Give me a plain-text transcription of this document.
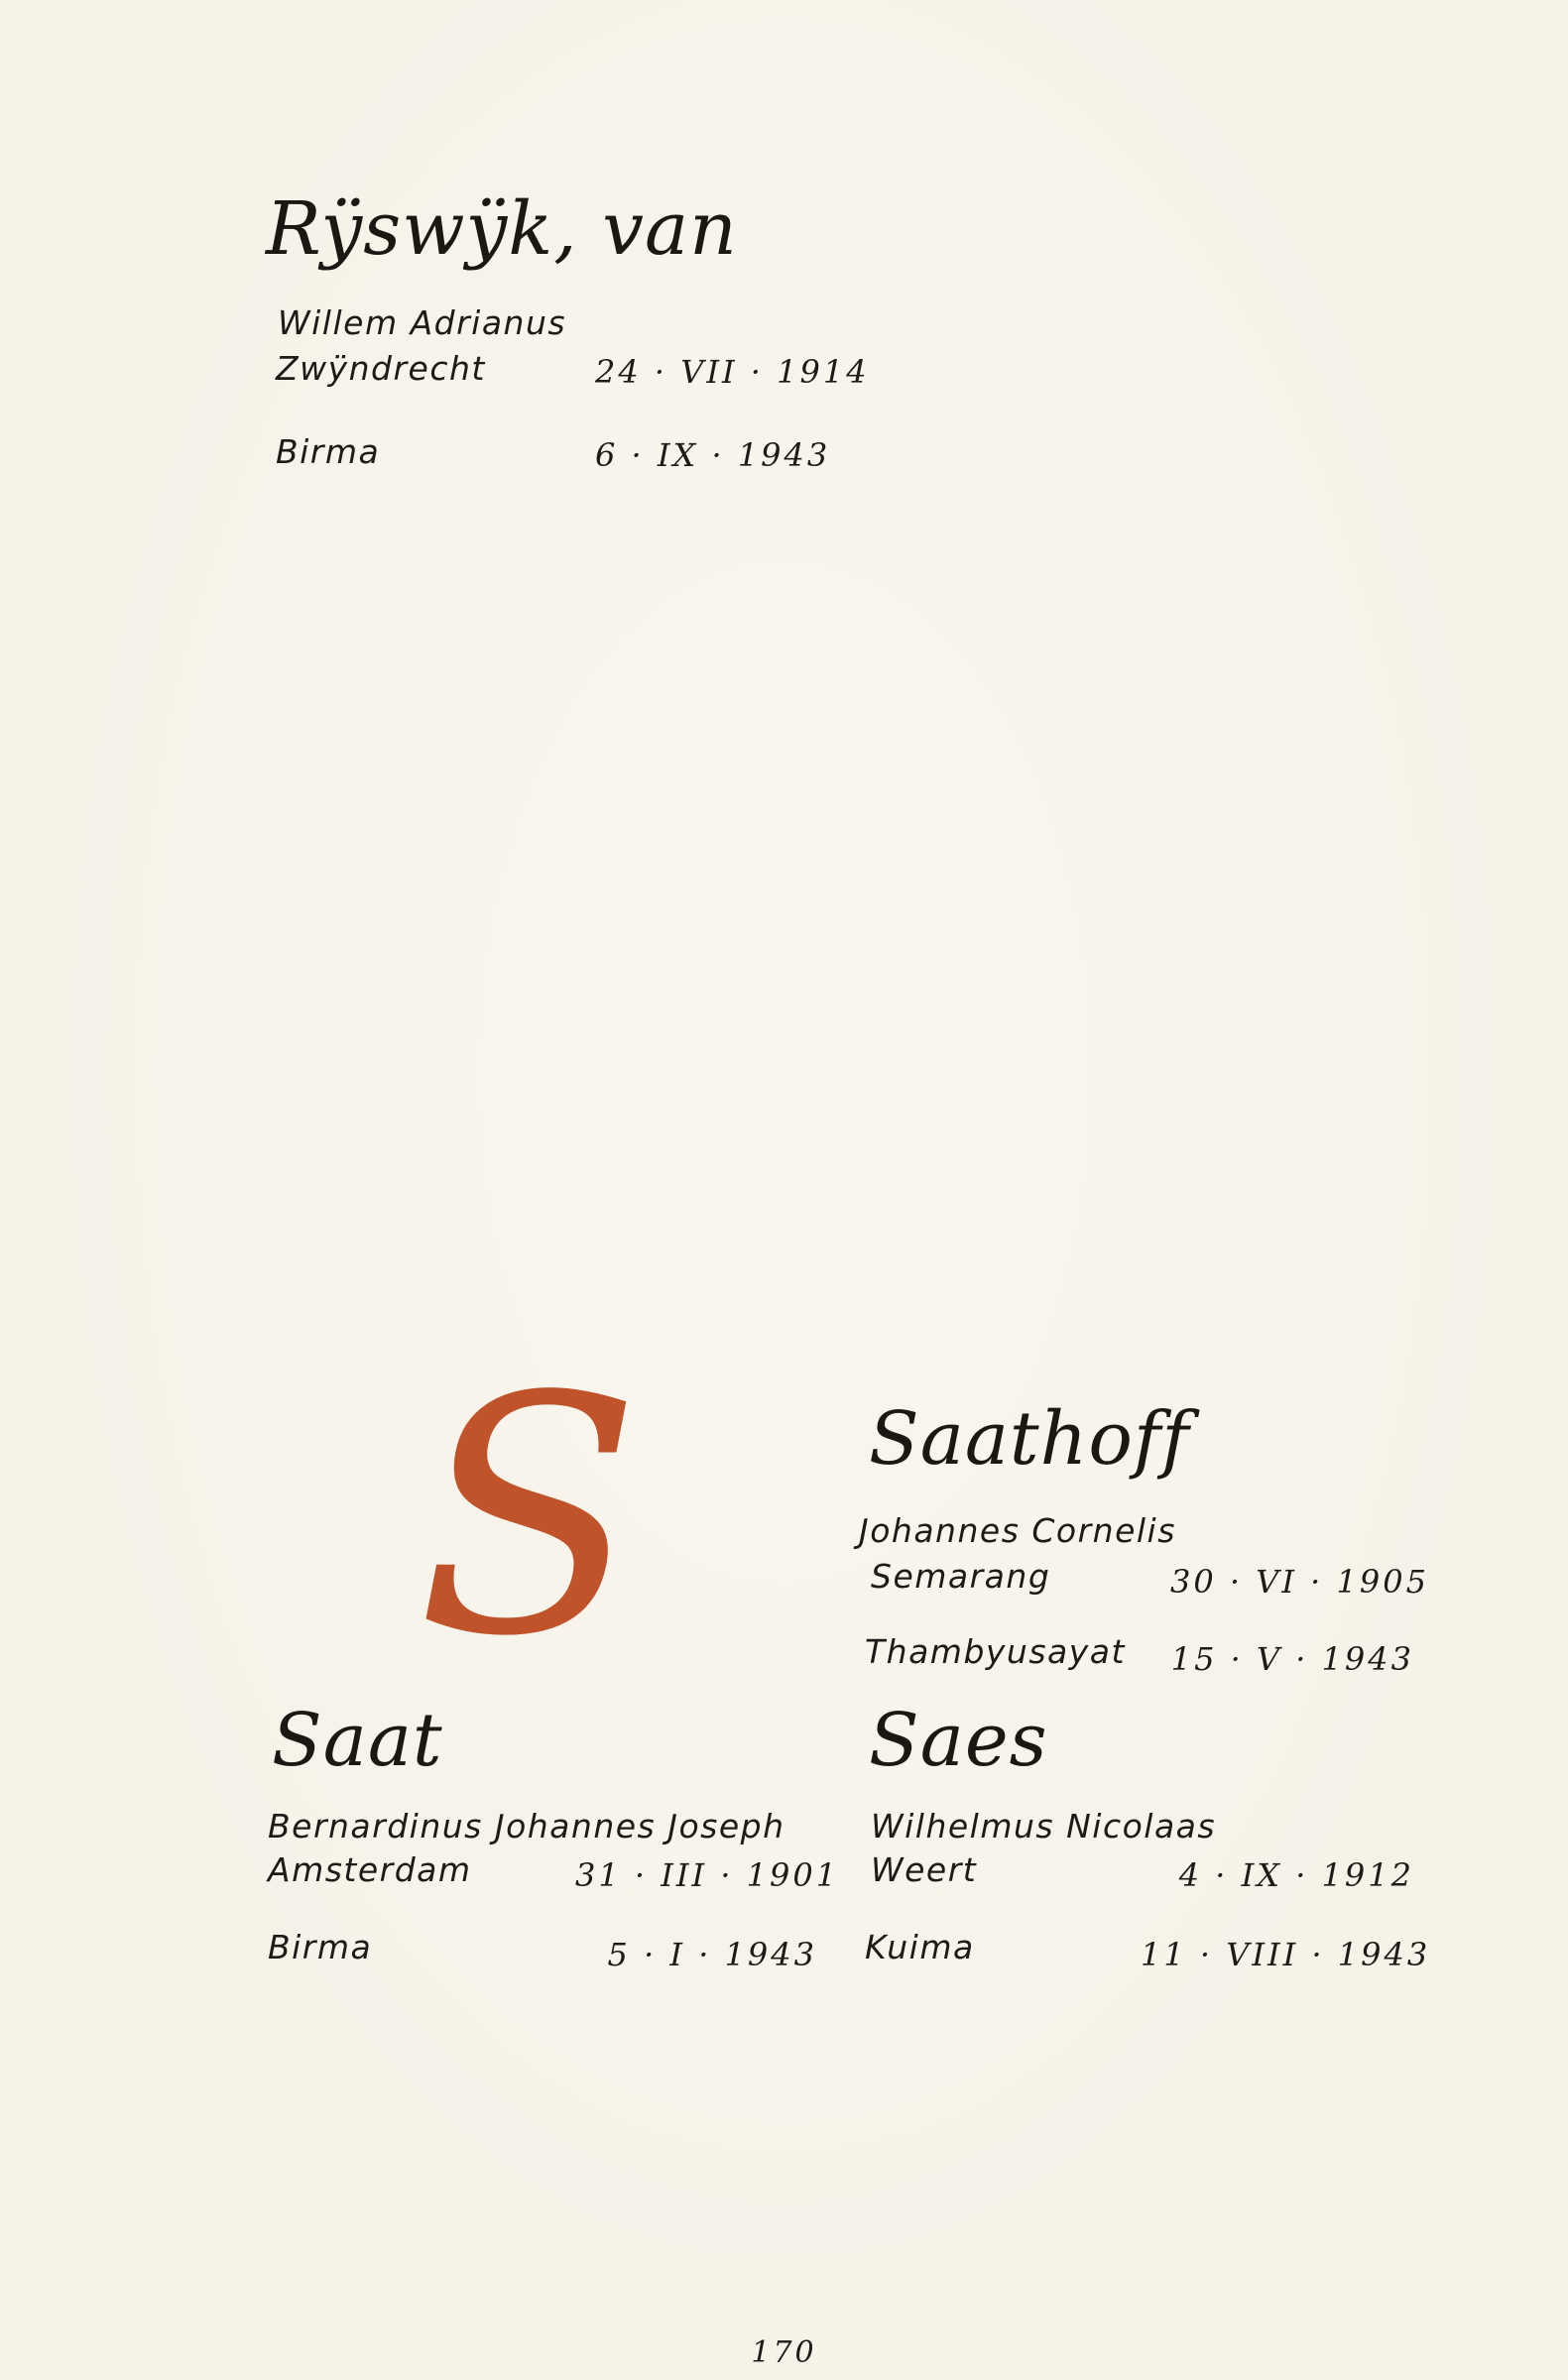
Rÿswÿk, van
Willem Adrianus
Zwÿndrecht	24 · VII · 1914
Birma	6 · IX · 1943
S	Saathoff
Johannes Cornelis
Semarang	30 · VI · 1905
Thambyusayat 15 · V · 1943
Saat
Bernardinus Johannes Joseph
Amsterdam	31 · III · 1901
Birma	5 · I · 1943
Saes
Wilhelmus Nicolaas
Weert	4 · IX · 1912
Kuima	11 · VIII · 1943
170
